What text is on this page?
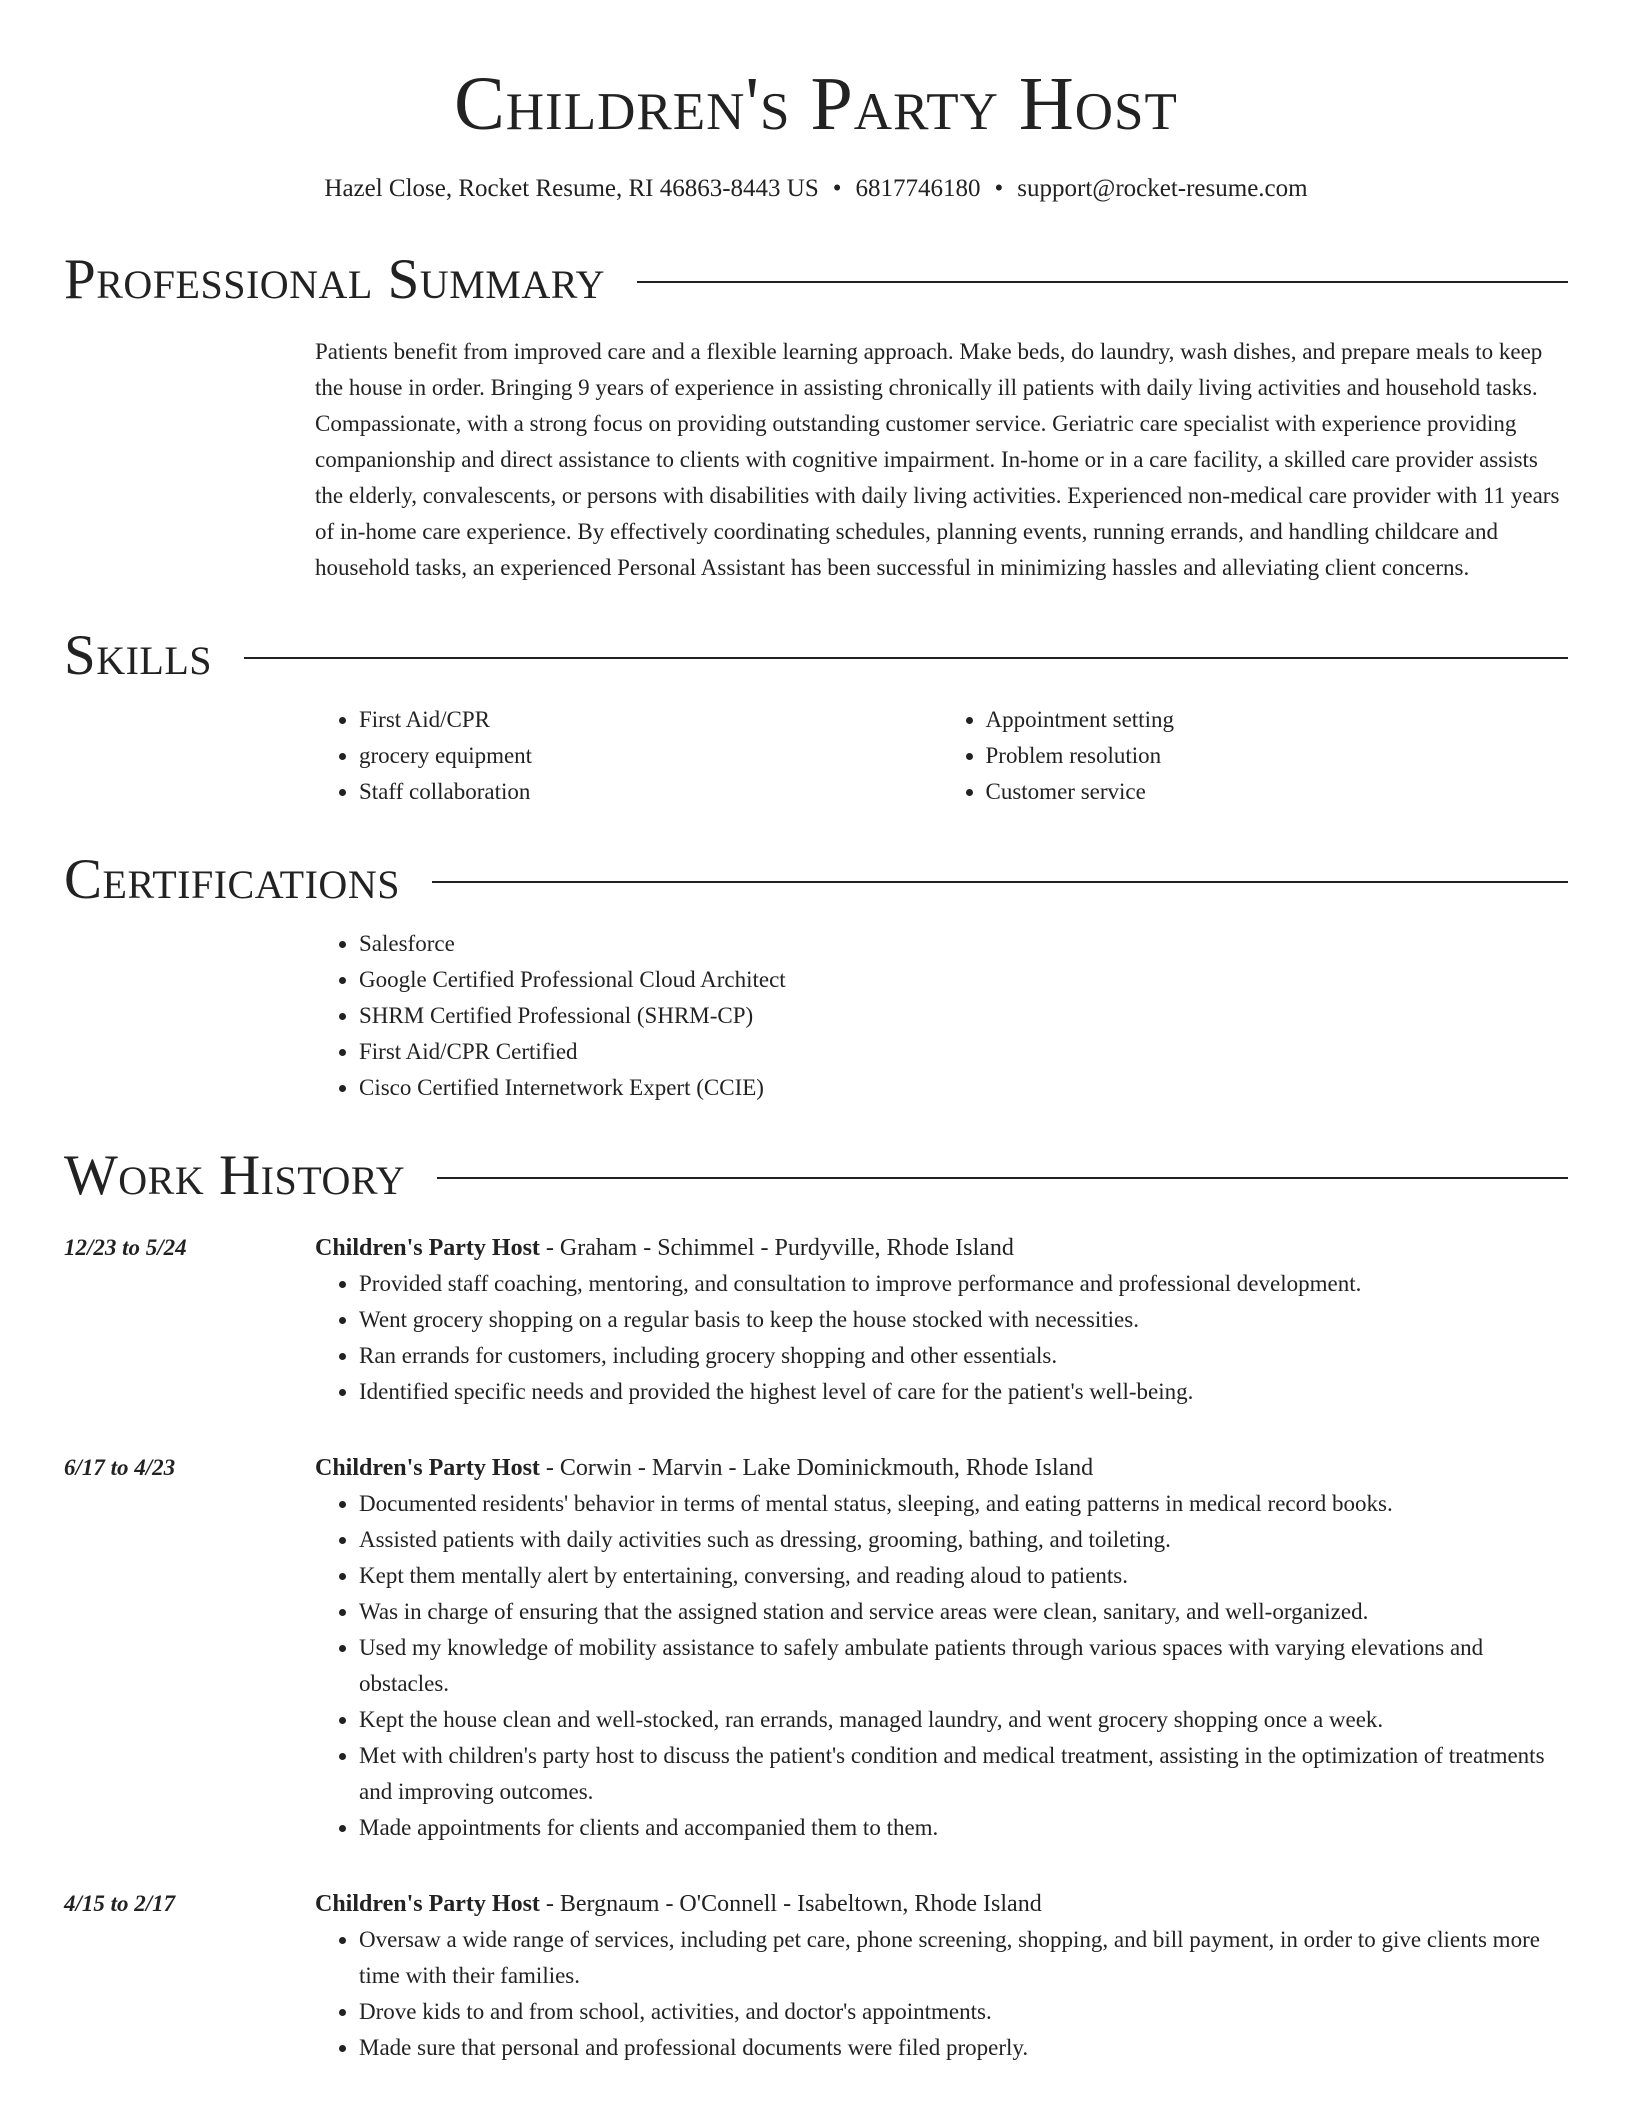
Children's Party Host
Hazel Close, Rocket Resume, RI 46863-8443 US • 6817746180 • support@rocket-resume.com
Professional Summary
Patients benefit from improved care and a flexible learning approach. Make beds, do laundry, wash dishes, and prepare meals to keep the house in order. Bringing 9 years of experience in assisting chronically ill patients with daily living activities and household tasks. Compassionate, with a strong focus on providing outstanding customer service. Geriatric care specialist with experience providing companionship and direct assistance to clients with cognitive impairment. In-home or in a care facility, a skilled care provider assists the elderly, convalescents, or persons with disabilities with daily living activities. Experienced non-medical care provider with 11 years of in-home care experience. By effectively coordinating schedules, planning events, running errands, and handling childcare and household tasks, an experienced Personal Assistant has been successful in minimizing hassles and alleviating client concerns.
Skills
• First Aid/CPR
• grocery equipment
• Staff collaboration
• Appointment setting
• Problem resolution
• Customer service
Certifications
• Salesforce
• Google Certified Professional Cloud Architect
• SHRM Certified Professional (SHRM-CP)
• First Aid/CPR Certified
• Cisco Certified Internetwork Expert (CCIE)
Work History
12/23 to 5/24	Children's Party Host - Graham - Schimmel - Purdyville, Rhode Island
• Provided staff coaching, mentoring, and consultation to improve performance and professional development.
• Went grocery shopping on a regular basis to keep the house stocked with necessities.
• Ran errands for customers, including grocery shopping and other essentials.
• Identified specific needs and provided the highest level of care for the patient's well-being.
6/17 to 4/23	Children's Party Host - Corwin - Marvin - Lake Dominickmouth, Rhode Island
• Documented residents' behavior in terms of mental status, sleeping, and eating patterns in medical record books.
• Assisted patients with daily activities such as dressing, grooming, bathing, and toileting.
• Kept them mentally alert by entertaining, conversing, and reading aloud to patients.
• Was in charge of ensuring that the assigned station and service areas were clean, sanitary, and well-organized.
• Used my knowledge of mobility assistance to safely ambulate patients through various spaces with varying elevations and obstacles.
• Kept the house clean and well-stocked, ran errands, managed laundry, and went grocery shopping once a week.
• Met with children's party host to discuss the patient's condition and medical treatment, assisting in the optimization of treatments and improving outcomes.
• Made appointments for clients and accompanied them to them.
4/15 to 2/17	Children's Party Host - Bergnaum - O'Connell - Isabeltown, Rhode Island
• Oversaw a wide range of services, including pet care, phone screening, shopping, and bill payment, in order to give clients more time with their families.
• Drove kids to and from school, activities, and doctor's appointments.
• Made sure that personal and professional documents were filed properly.
